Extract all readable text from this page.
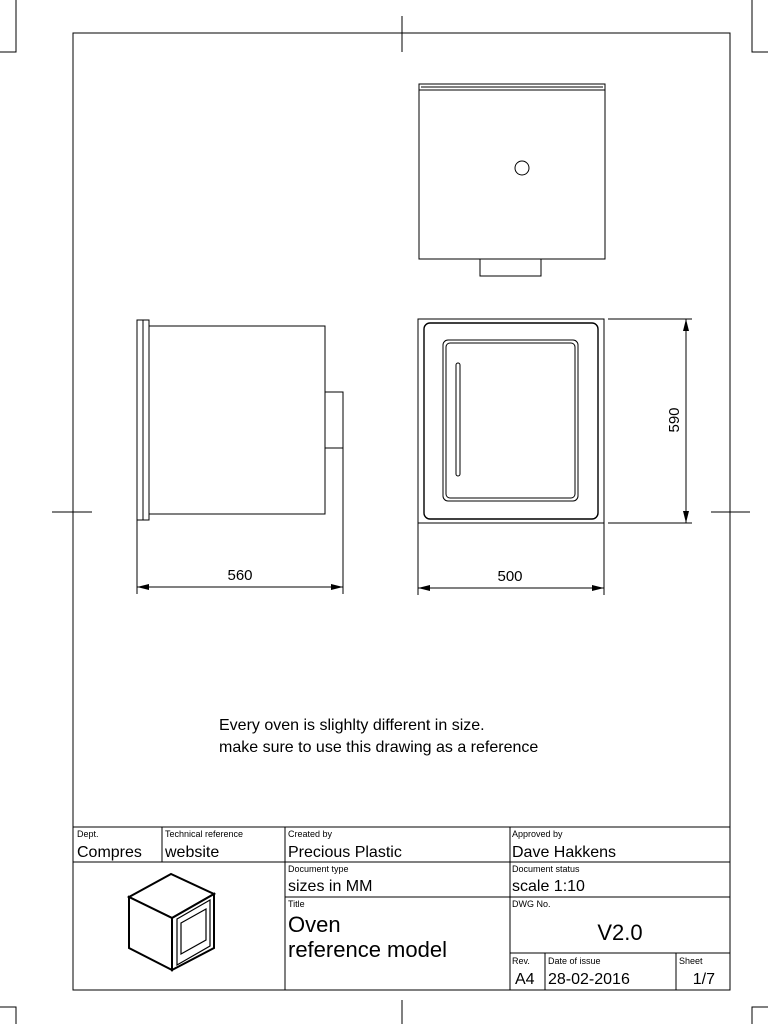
560	500
590
Every oven is slighlty different in size.
make sure to use this drawing as a reference
Dept.
Compres
Technical reference
website
Created by
Precious Plastic
Approved by
Dave Hakkens
Document type
sizes in MM
Document status
scale 1:10
Title
Oven
reference model
DWG No.
V2.0
Rev.
A4
Date of issue
28-02-2016
Sheet
1/7
